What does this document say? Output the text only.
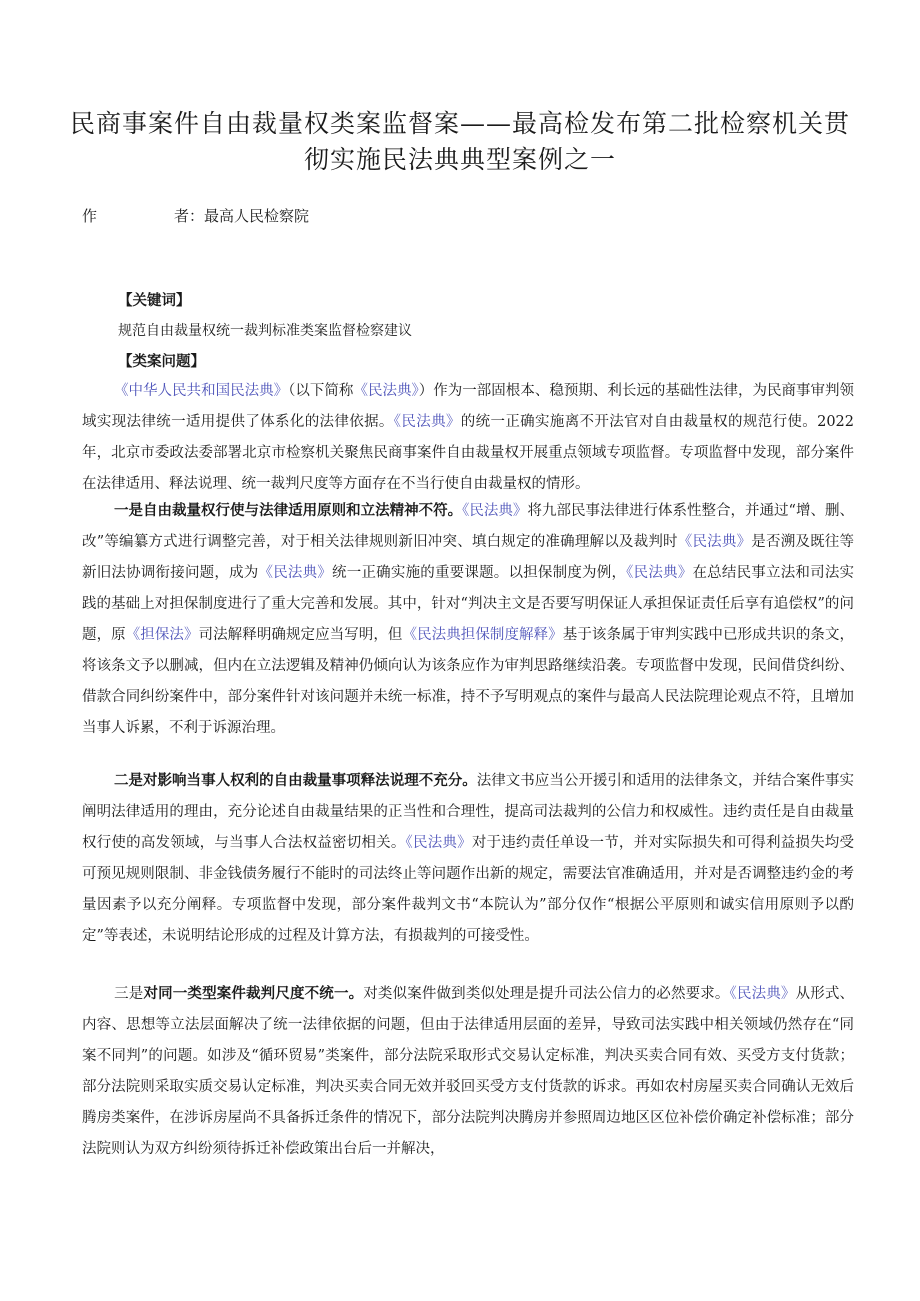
民商事案件自由裁量权类案监督案——最高检发布第二批检察机关贯彻实施民法典典型案例之一
作	者：最高人民检察院
【关键词】
规范自由裁量权统一裁判标准类案监督检察建议
【类案问题】

《中华人民共和国民法典》（以下简称《民法典》）作为一部固根本、稳预期、利长远的基础性法律，为民商事审判领域实现法律统一适用提供了体系化的法律依据。《民法典》的统一正确实施离不开法官对自由裁量权的规范行使。2022年，北京市委政法委部署北京市检察机关聚焦民商事案件自由裁量权开展重点领域专项监督。专项监督中发现，部分案件在法律适用、释法说理、统一裁判尺度等方面存在不当行使自由裁量权的情形。

一是自由裁量权行使与法律适用原则和立法精神不符。《民法典》将九部民事法律进行体系性整合，并通过“增、删、改”等编纂方式进行调整完善，对于相关法律规则新旧冲突、填白规定的准确理解以及裁判时《民法典》是否溯及既往等新旧法协调衔接问题，成为《民法典》统一正确实施的重要课题。以担保制度为例，《民法典》在总结民事立法和司法实践的基础上对担保制度进行了重大完善和发展。其中，针对“判决主文是否要写明保证人承担保证责任后享有追偿权”的问题，原《担保法》司法解释明确规定应当写明，但《民法典担保制度解释》基于该条属于审判实践中已形成共识的条文，将该条文予以删减，但内在立法逻辑及精神仍倾向认为该条应作为审判思路继续沿袭。专项监督中发现，民间借贷纠纷、借款合同纠纷案件中，部分案件针对该问题并未统一标准，持不予写明观点的案件与最高人民法院理论观点不符，且增加当事人诉累，不利于诉源治理。

二是对影响当事人权利的自由裁量事项释法说理不充分。法律文书应当公开援引和适用的法律条文，并结合案件事实阐明法律适用的理由，充分论述自由裁量结果的正当性和合理性，提高司法裁判的公信力和权威性。违约责任是自由裁量权行使的高发领域，与当事人合法权益密切相关。《民法典》对于违约责任单设一节，并对实际损失和可得利益损失均受可预见规则限制、非金钱债务履行不能时的司法终止等问题作出新的规定，需要法官准确适用，并对是否调整违约金的考量因素予以充分阐释。专项监督中发现，部分案件裁判文书“本院认为”部分仅作“根据公平原则和诚实信用原则予以酌定”等表述，未说明结论形成的过程及计算方法，有损裁判的可接受性。

三是对同一类型案件裁判尺度不统一。对类似案件做到类似处理是提升司法公信力的必然要求。《民法典》从形式、内容、思想等立法层面解决了统一法律依据的问题，但由于法律适用层面的差异，导致司法实践中相关领域仍然存在“同案不同判”的问题。如涉及“循环贸易”类案件，部分法院采取形式交易认定标准，判决买卖合同有效、买受方支付货款；部分法院则采取实质交易认定标准，判决买卖合同无效并驳回买受方支付货款的诉求。再如农村房屋买卖合同确认无效后腾房类案件，在涉诉房屋尚不具备拆迁条件的情况下，部分法院判决腾房并参照周边地区区位补偿价确定补偿标准；部分法院则认为双方纠纷须待拆迁补偿政策出台后一并解决，
